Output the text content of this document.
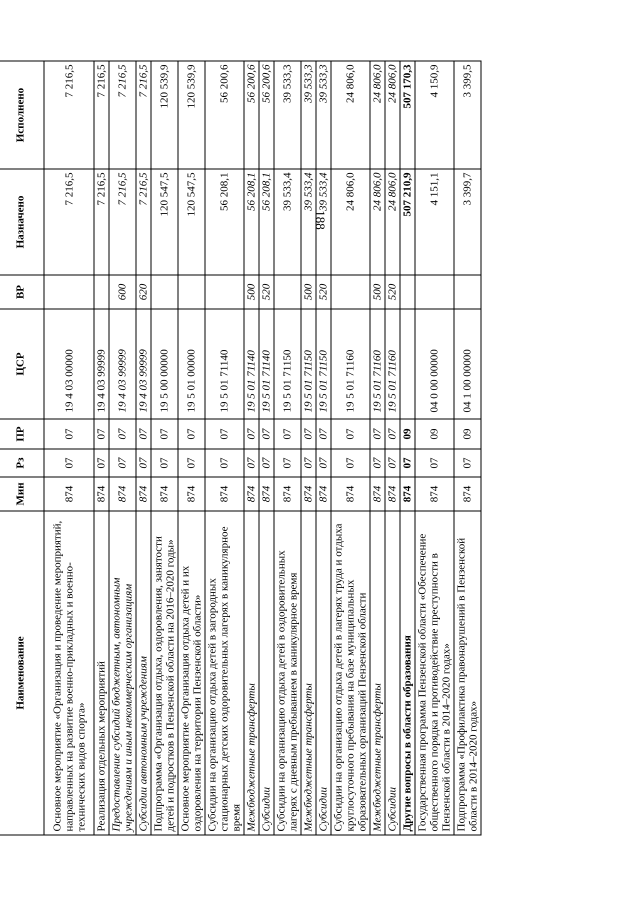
188
Наименование	Мин	Рз	ПР	ЦСР	ВР	Назначено	Исполнено
Основное мероприятие «Организация и проведение мероприятий, направленных на развитие военно-прикладных и военно-технических видов спорта»	874	07	07	19 4 03 00000		7 216,5	7 216,5
Реализация отдельных мероприятий	874	07	07	19 4 03 99999		7 216,5	7 216,5
Предоставление субсидий бюджетным, автономным учреждениям и иным некоммерческим организациям	874	07	07	19 4 03 99999	600	7 216,5	7 216,5
Субсидии автономным учреждениям	874	07	07	19 4 03 99999	620	7 216,5	7 216,5
Подпрограмма «Организация отдыха, оздоровления, занятости детей и подростков в Пензенской области на 2016–2020 годы»	874	07	07	19 5 00 00000		120 547,5	120 539,9
Основное мероприятие «Организация отдыха детей и их оздоровления на территории Пензенской области»	874	07	07	19 5 01 00000		120 547,5	120 539,9
Субсидии на организацию отдыха детей в загородных стационарных детских оздоровительных лагерях в каникулярное время	874	07	07	19 5 01 71140		56 208,1	56 200,6
Межбюджетные трансферты	874	07	07	19 5 01 71140	500	56 208,1	56 200,6
Субсидии	874	07	07	19 5 01 71140	520	56 208,1	56 200,6
Субсидии на организацию отдыха детей в оздоровительных лагерях с дневным пребыванием в каникулярное время	874	07	07	19 5 01 71150		39 533,4	39 533,3
Межбюджетные трансферты	874	07	07	19 5 01 71150	500	39 533,4	39 533,3
Субсидии	874	07	07	19 5 01 71150	520	39 533,4	39 533,3
Субсидии на организацию отдыха детей в лагерях труда и отдыха круглосуточного пребывания на базе муниципальных образовательных организаций Пензенской области	874	07	07	19 5 01 71160		24 806,0	24 806,0
Межбюджетные трансферты	874	07	07	19 5 01 71160	500	24 806,0	24 806,0
Субсидии	874	07	07	19 5 01 71160	520	24 806,0	24 806,0
Другие вопросы в области образования	874	07	09			507 210,9	507 170,3
Государственная программа Пензенской области «Обеспечение общественного порядка и противодействие преступности в Пензенской области в 2014–2020 годах»	874	07	09	04 0 00 00000		4 151,1	4 150,9
Подпрограмма «Профилактика правонарушений в Пензенской области в 2014–2020 годах»	874	07	09	04 1 00 00000		3 399,7	3 399,5
